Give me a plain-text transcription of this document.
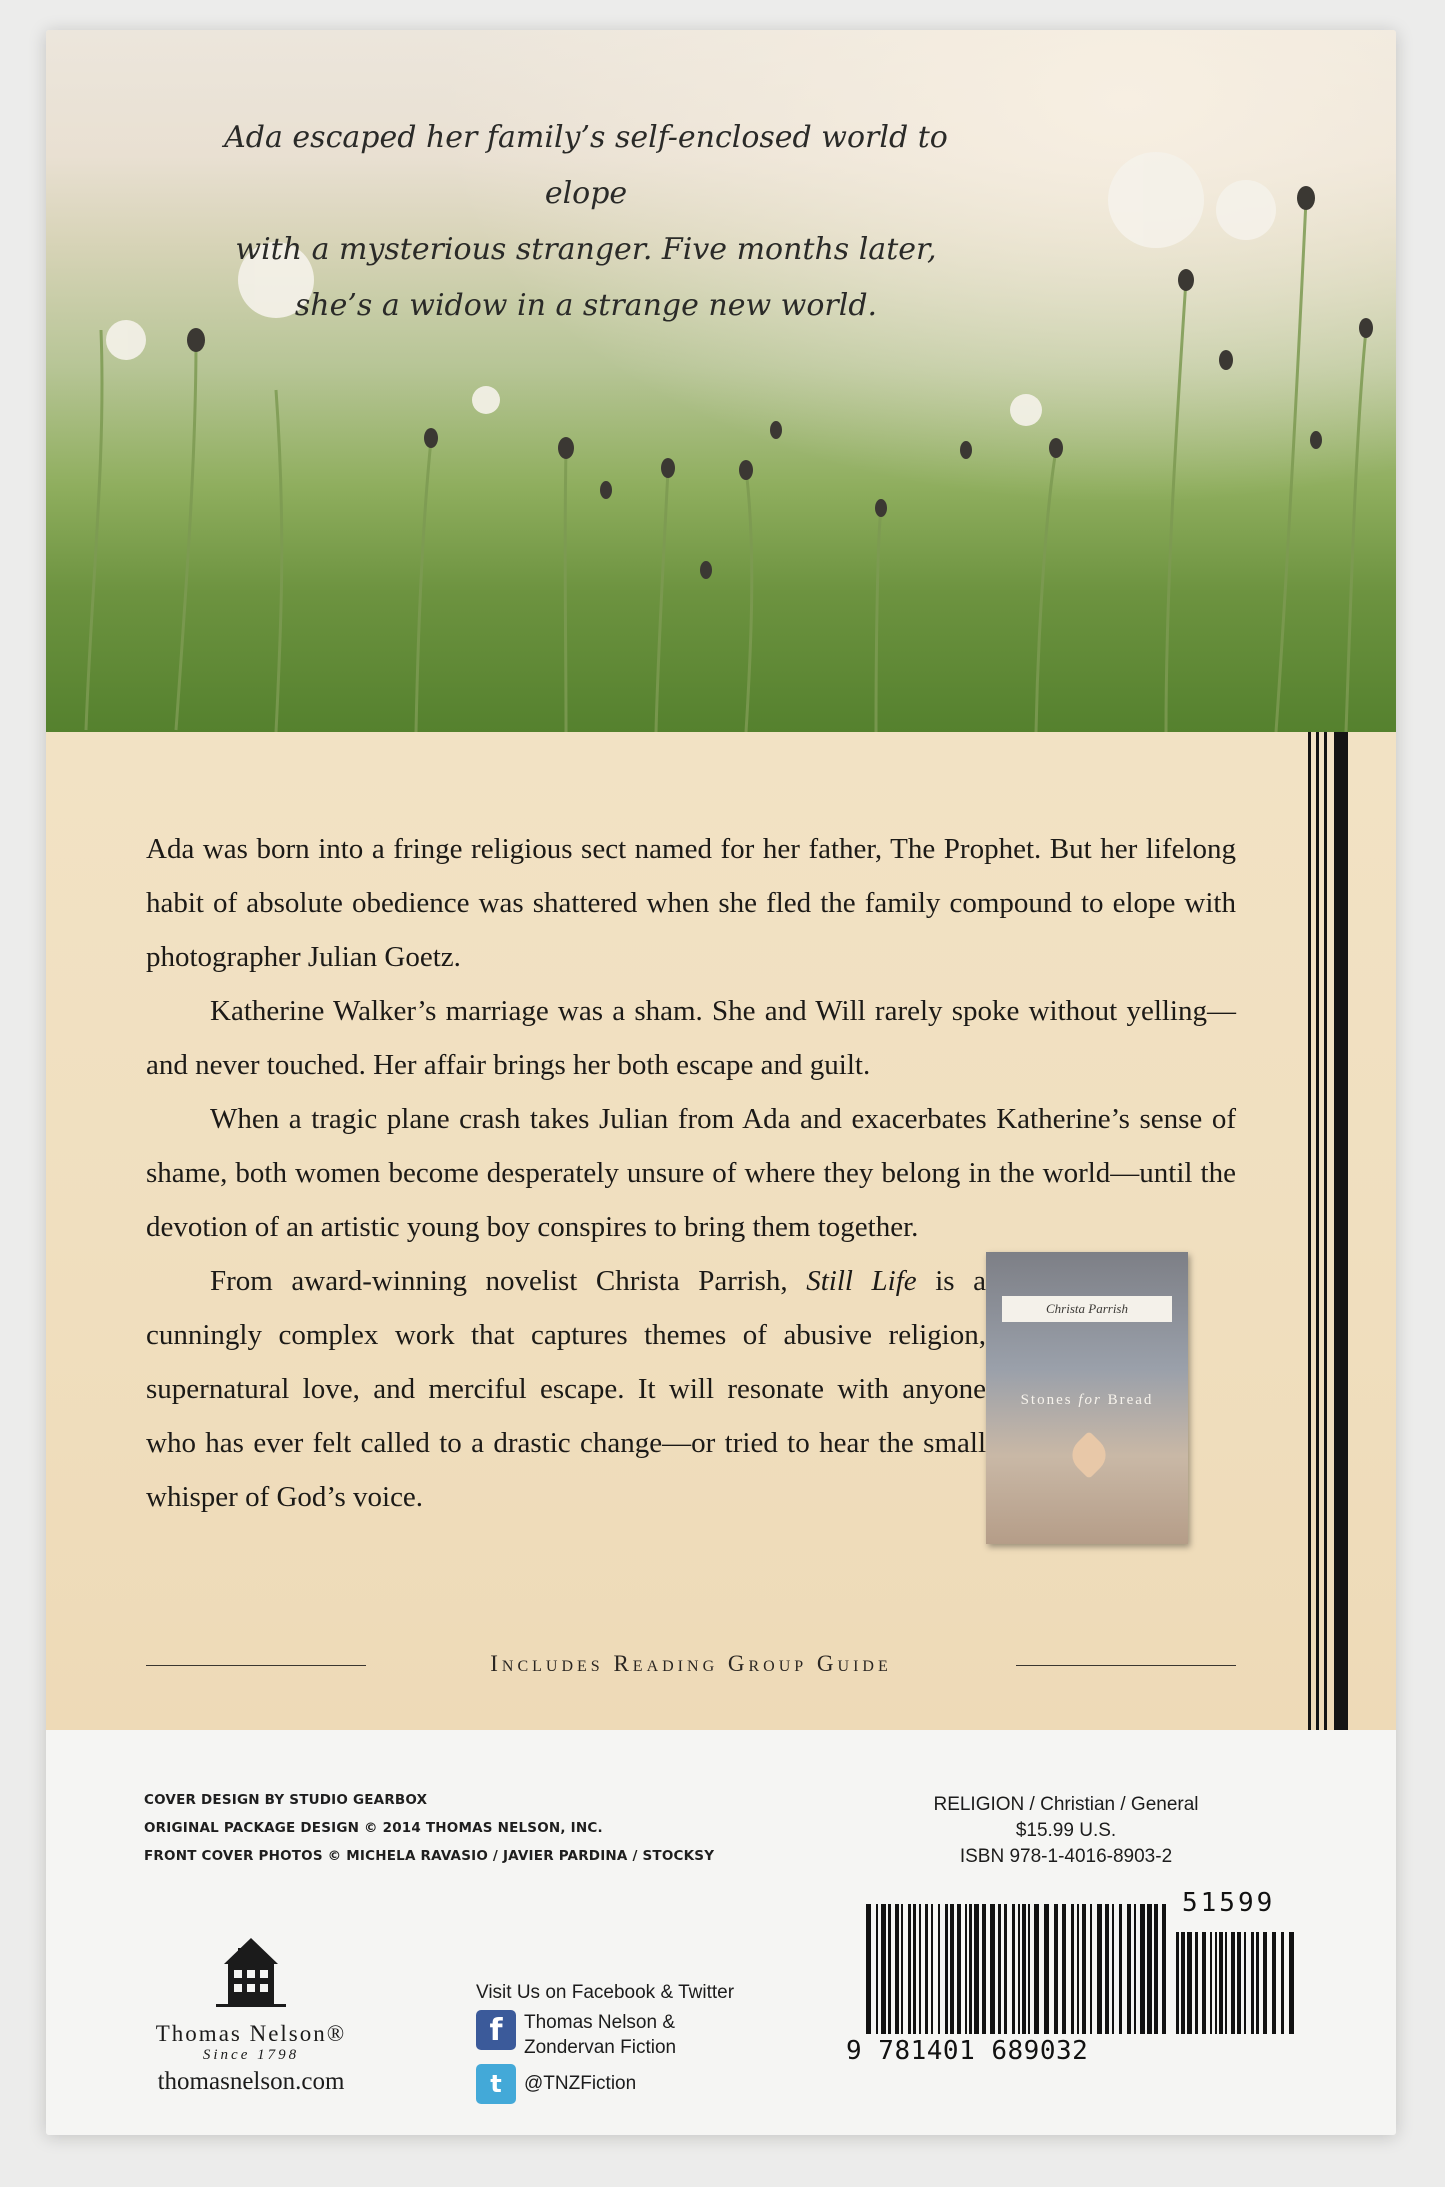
Ada escaped her family’s self-enclosed world to elope
with a mysterious stranger. Five months later,
she’s a widow in a strange new world.

Ada was born into a fringe religious sect named for her father, The Prophet. But her lifelong habit of absolute obedience was shattered when she fled the family compound to elope with photographer Julian Goetz.

Katherine Walker’s marriage was a sham. She and Will rarely spoke without yelling—and never touched. Her affair brings her both escape and guilt.

When a tragic plane crash takes Julian from Ada and exacerbates Katherine’s sense of shame, both women become desperately unsure of where they belong in the world—until the devotion of an artistic young boy conspires to bring them together.

From award-winning novelist Christa Parrish, Still Life is a cunningly complex work that captures themes of abusive religion, supernatural love, and merciful escape. It will resonate with anyone who has ever felt called to a drastic change—or tried to hear the small whisper of God’s voice.

Christa Parrish
Stones for Bread
Includes Reading Group Guide
COVER DESIGN BY STUDIO GEARBOX
ORIGINAL PACKAGE DESIGN © 2014 THOMAS NELSON, INC.
FRONT COVER PHOTOS © MICHELA RAVASIO / JAVIER PARDINA / STOCKSY
Thomas Nelson®
Since 1798
thomasnelson.com
Visit Us on Facebook & Twitter
f	Thomas Nelson &
Zondervan Fiction
t	@TNZFiction
RELIGION / Christian / General
$15.99 U.S.
ISBN 978-1-4016-8903-2
51599
9 781401 689032
